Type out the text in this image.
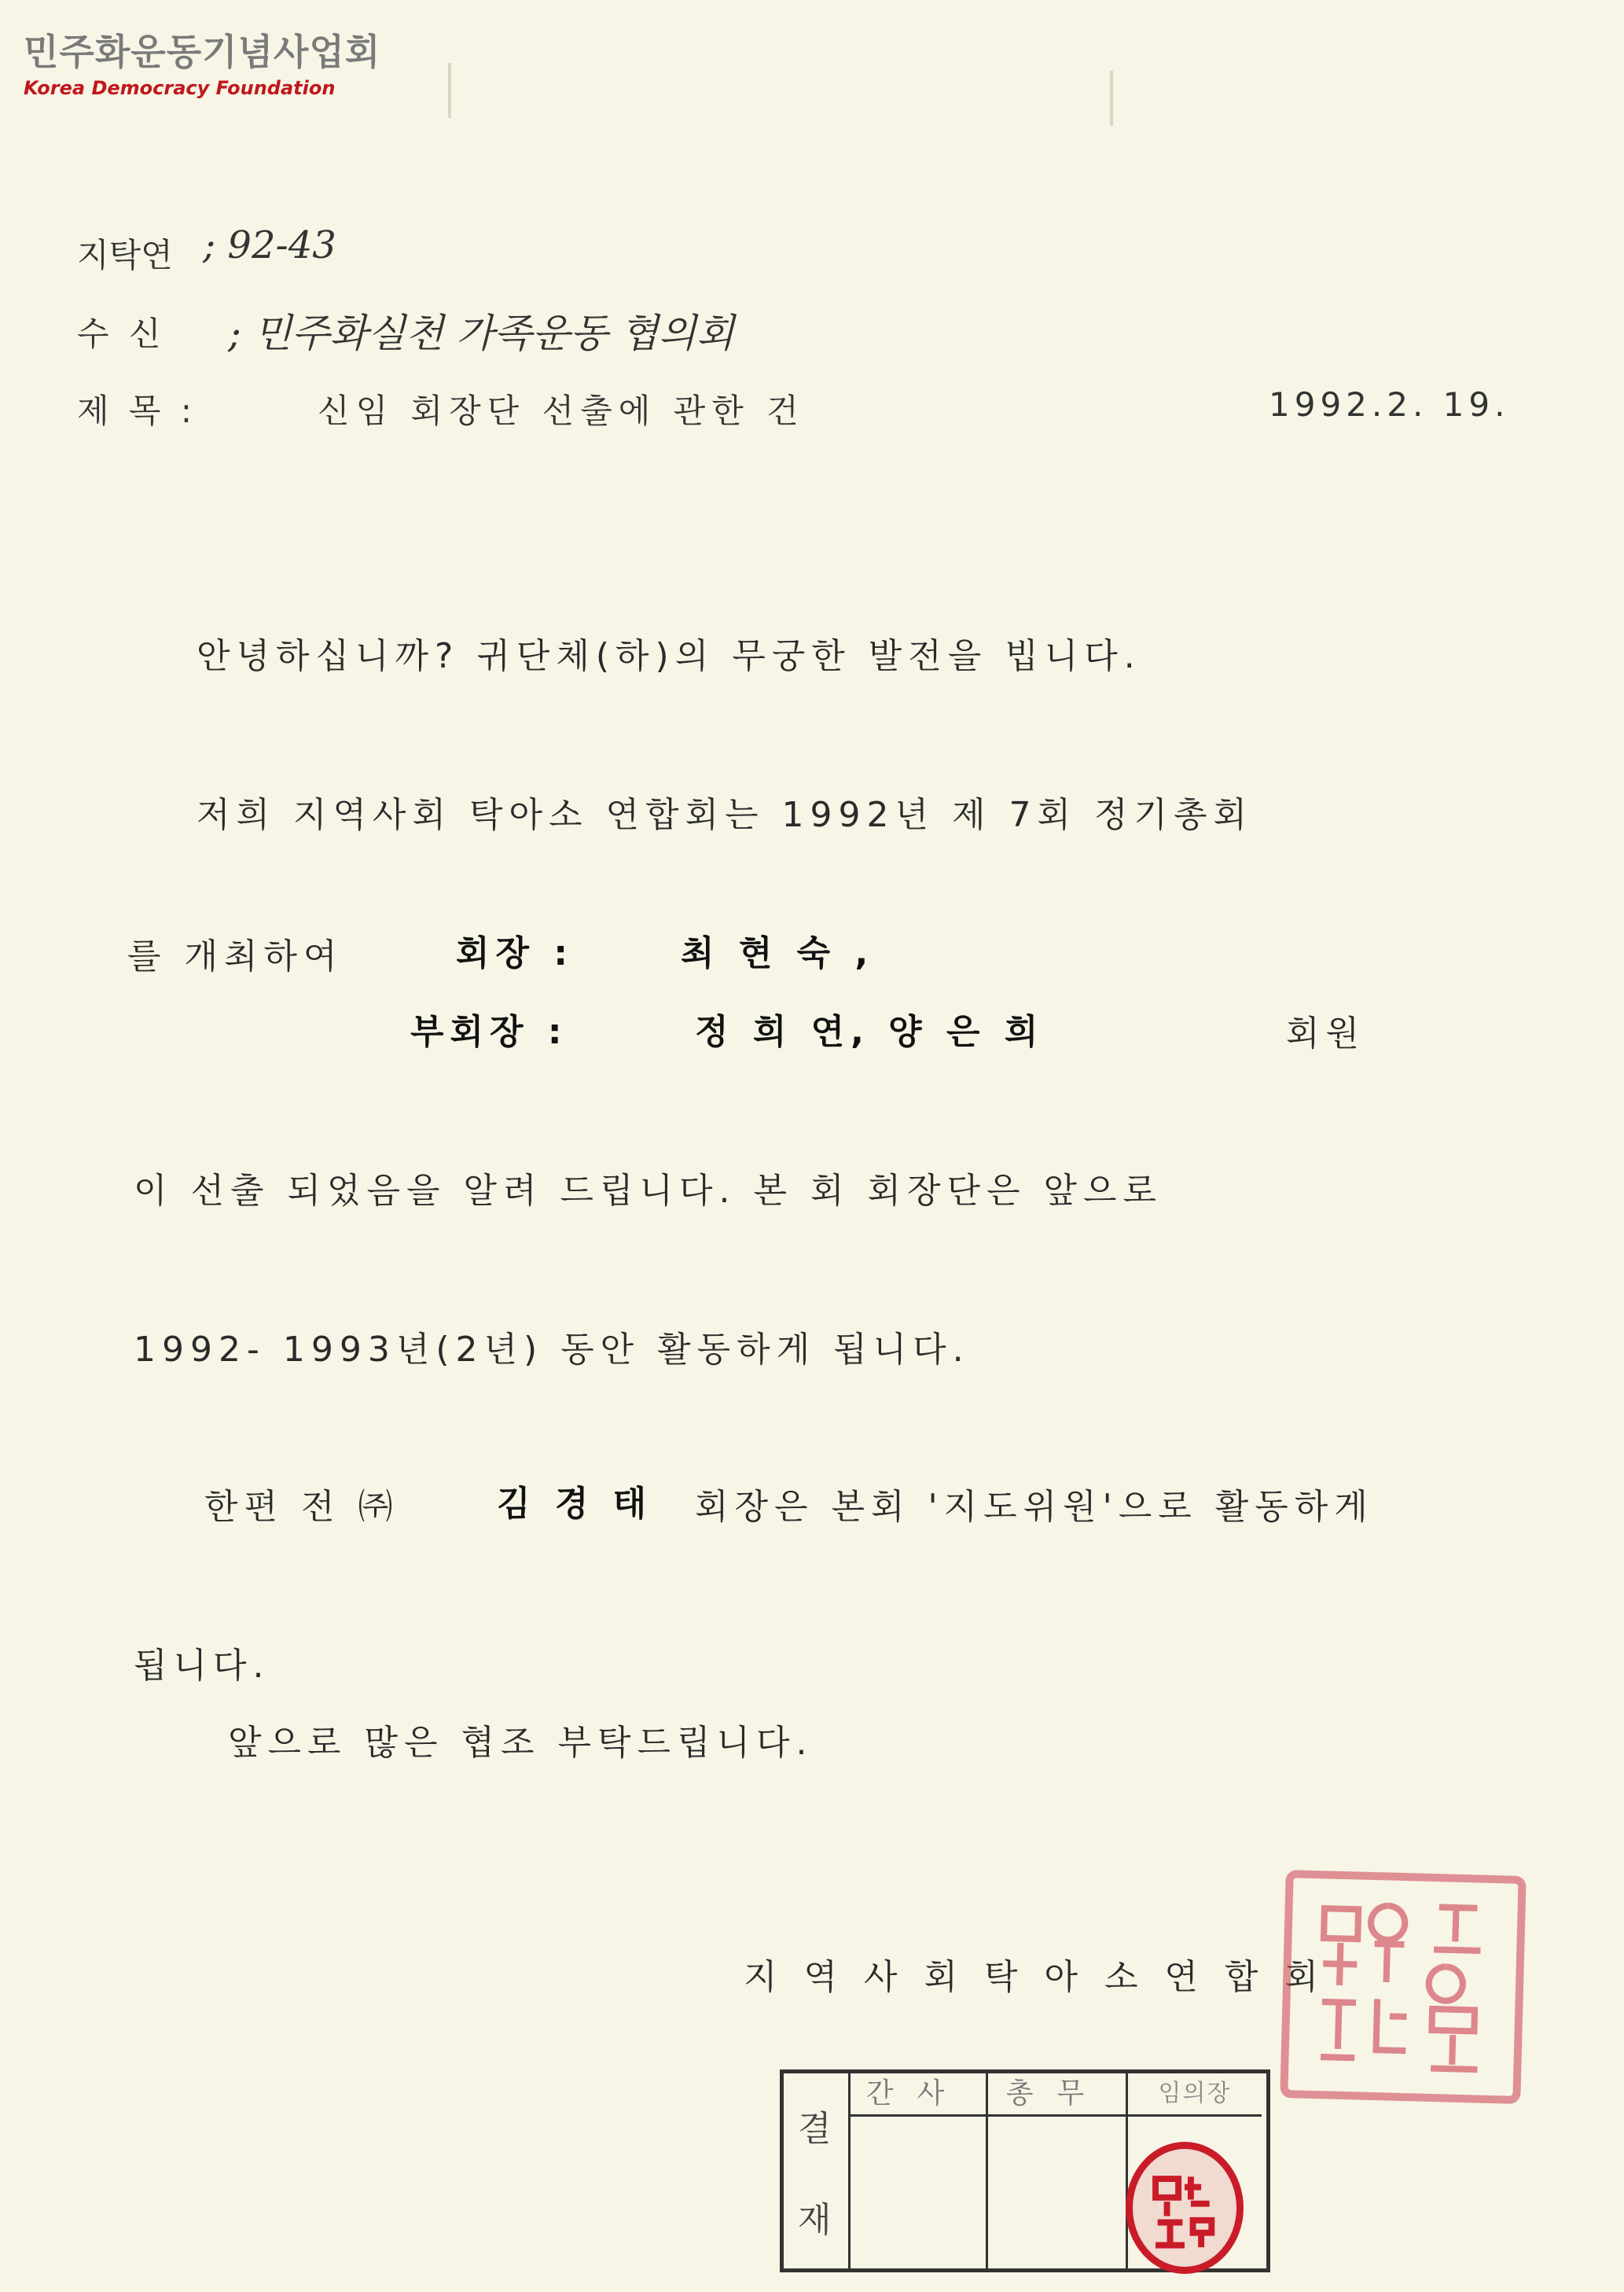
민주화운동기념사업회
Korea Democracy Foundation
지탁연 ; 92-43
수 신 ; 민주화실천 가족운동 협의회
제 목 :	신임 회장단 선출에 관한 건	1992.2. 19.
안녕하십니까? 귀단체(하)의 무궁한 발전을 빕니다.
저희 지역사회 탁아소 연합회는 1992년 제 7회 정기총회
를 개최하여	회장 :	최 현 숙 ,
부회장 :	정 희 연, 양 은 희	회원
이 선출 되었음을 알려 드립니다. 본 회 회장단은 앞으로
1992- 1993년(2년) 동안 활동하게 됩니다.
한편 전 ㈜	김 경 태 회장은 본회 '지도위원'으로 활동하게
됩니다.
앞으로 많은 협조 부탁드립니다.
지 역 사 회 탁 아 소 연 합 회
결
재
간사	총무	임의장
